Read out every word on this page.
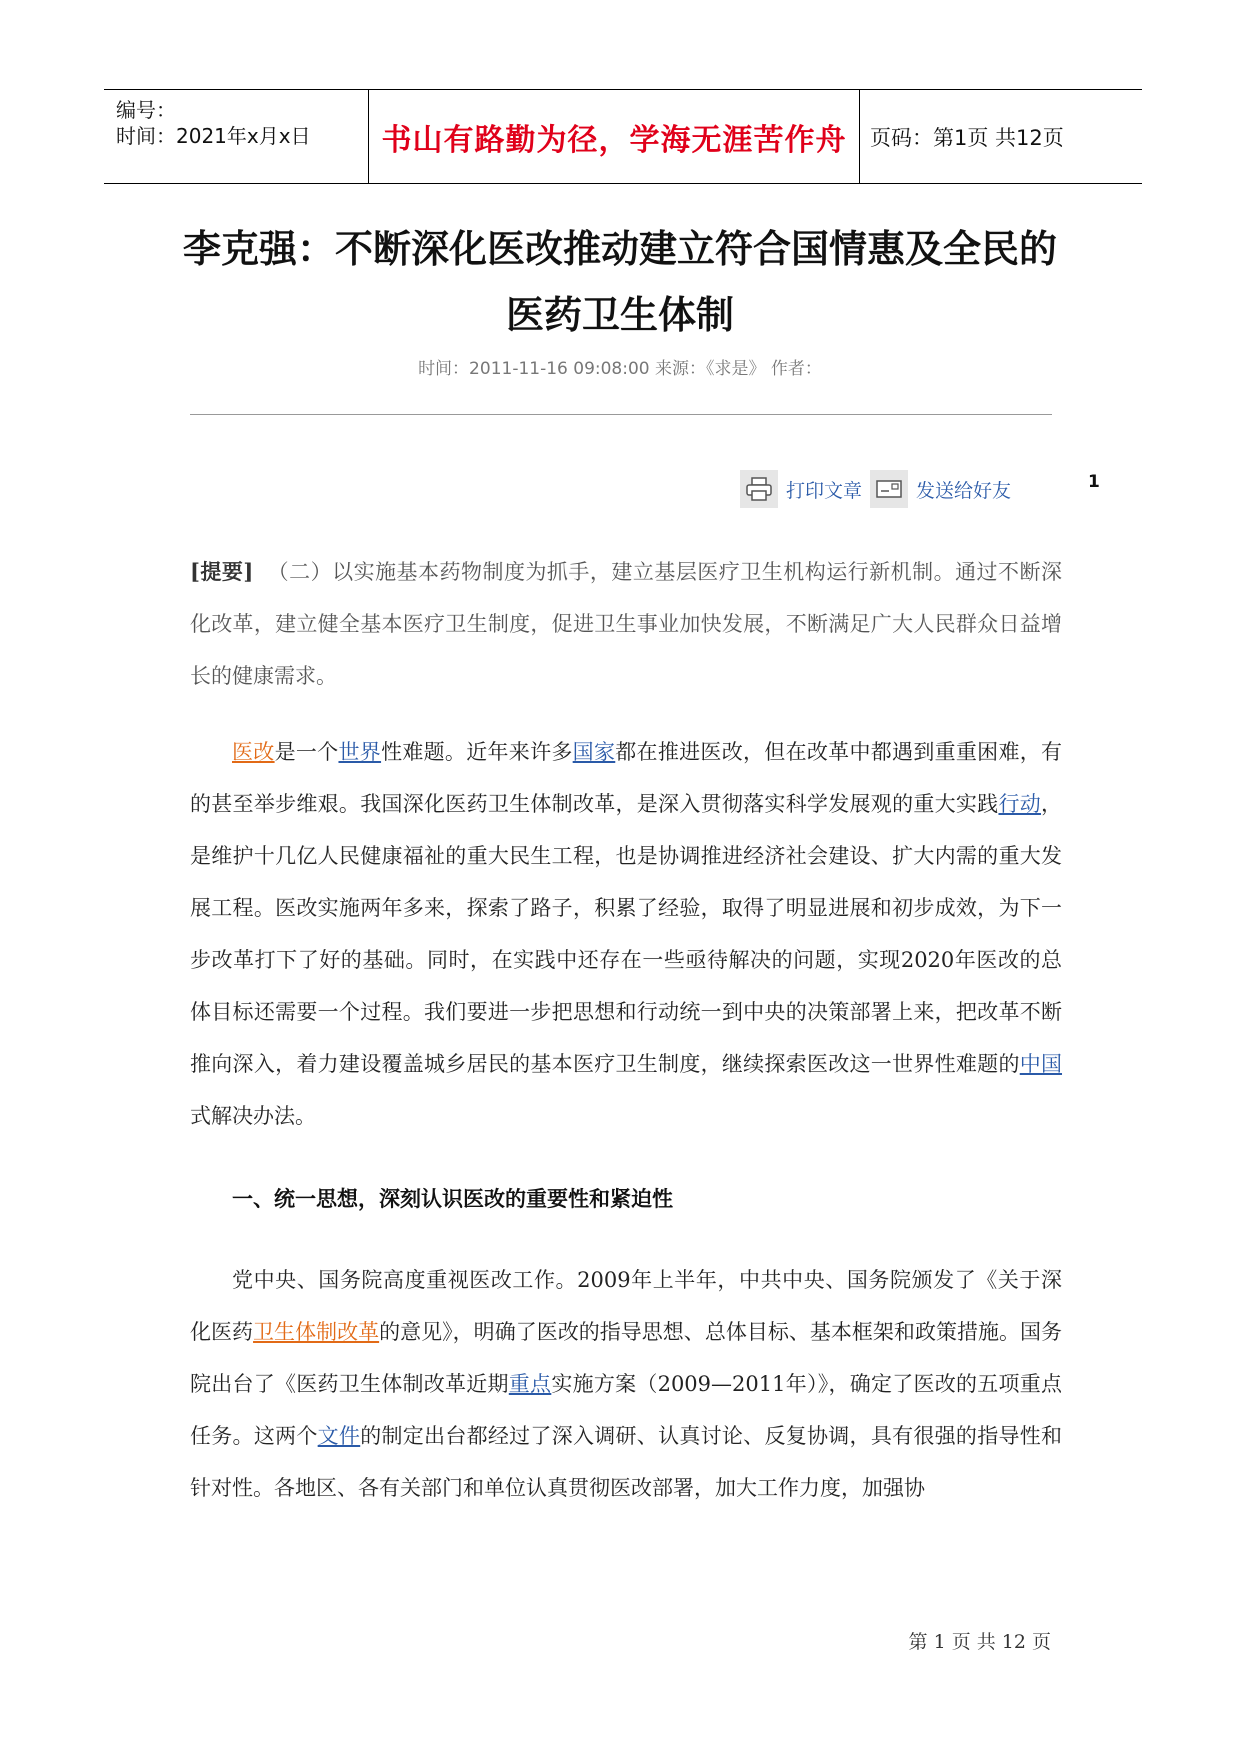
编号：
时间：2021年x月x日 书山有路勤为径，学海无涯苦作舟 页码：第1页 共12页
李克强：不断深化医改推动建立符合国情惠及全民的
医药卫生体制
时间：2011-11-16 09:08:00 来源：《求是》 作者：
打印文章	发送给好友	1
[提要] （二）以实施基本药物制度为抓手，建立基层医疗卫生机构运行新机制。通过不断深化改革，建立健全基本医疗卫生制度，促进卫生事业加快发展，不断满足广大人民群众日益增长的健康需求。
医改是一个世界性难题。近年来许多国家都在推进医改，但在改革中都遇到重重困难，有的甚至举步维艰。我国深化医药卫生体制改革，是深入贯彻落实科学发展观的重大实践行动，是维护十几亿人民健康福祉的重大民生工程，也是协调推进经济社会建设、扩大内需的重大发展工程。医改实施两年多来，探索了路子，积累了经验，取得了明显进展和初步成效，为下一步改革打下了好的基础。同时，在实践中还存在一些亟待解决的问题，实现2020年医改的总体目标还需要一个过程。我们要进一步把思想和行动统一到中央的决策部署上来，把改革不断推向深入，着力建设覆盖城乡居民的基本医疗卫生制度，继续探索医改这一世界性难题的中国式解决办法。
一、统一思想，深刻认识医改的重要性和紧迫性
党中央、国务院高度重视医改工作。2009年上半年，中共中央、国务院颁发了《关于深化医药卫生体制改革的意见》，明确了医改的指导思想、总体目标、基本框架和政策措施。国务院出台了《医药卫生体制改革近期重点实施方案（2009—2011年）》，确定了医改的五项重点任务。这两个文件的制定出台都经过了深入调研、认真讨论、反复协调，具有很强的指导性和针对性。各地区、各有关部门和单位认真贯彻医改部署，加大工作力度，加强协
第 1 页 共 12 页
